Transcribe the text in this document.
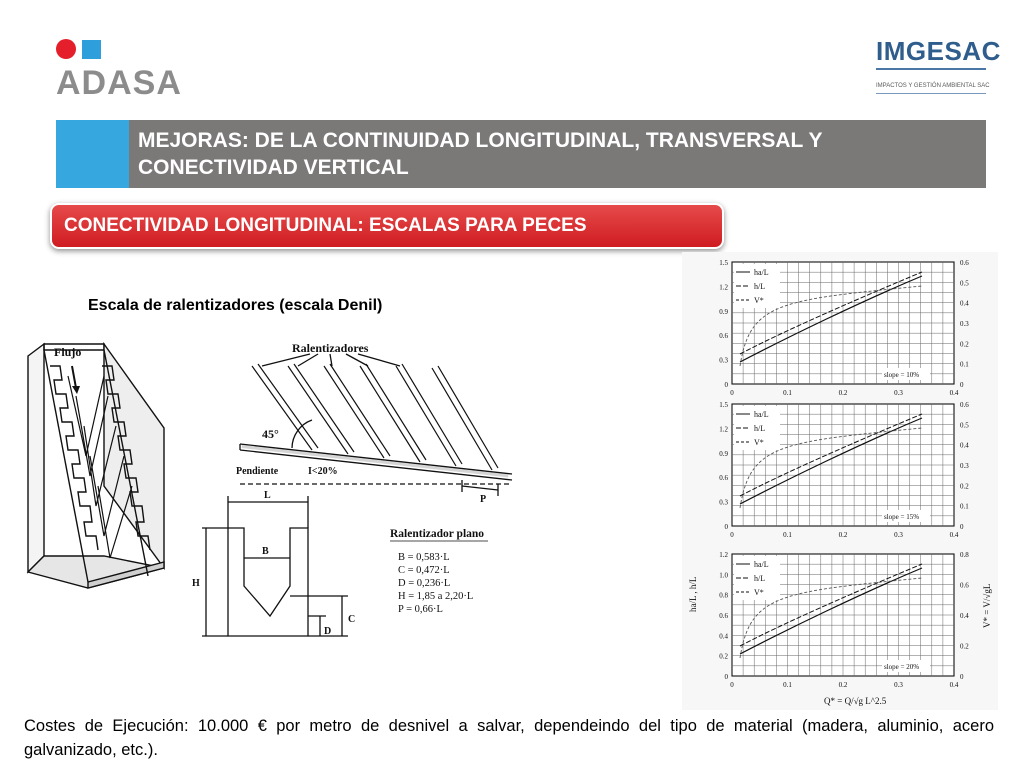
ADASA
IMGESAC
IMPACTOS Y GESTIÓN AMBIENTAL SAC
MEJORAS: DE LA CONTINUIDAD LONGITUDINAL, TRANSVERSAL Y CONECTIVIDAD VERTICAL
CONECTIVIDAD LONGITUDINAL: ESCALAS PARA PECES
Escala de ralentizadores (escala Denil)
Flujo	Ralentizadores
45°
Pendiente	I<20%
P
L
B
H
C
D
Ralentizador plano
B = 0,583·L
C = 0,472·L
D = 0,236·L
H = 1,85 a 2,20·L
P = 0,66·L
1.5
1.2
0.9
0.6
0.3
0
0.6
0.5
0.4
0.3
0.2
0.1
0
0	0.1	0.2	0.3	0.4
ha/L
h/L
V*
slope = 10%
1.5
1.2
0.9
0.6
0.3
0
0.6
0.5
0.4
0.3
0.2
0.1
0
0	0.1	0.2	0.3	0.4
ha/L
h/L
V*
slope = 15%
1.2
1.0
0.8
0.6
0.4
0.2
0
0.8
0.6
0.4
0.2
0
0	0.1	0.2	0.3	0.4
ha/L
h/L
V*
slope = 20%
ha/L , h/L	V* = V/√gL
Q* = Q/√g L^2.5
Costes de Ejecución: 10.000 € por metro de desnivel a salvar, dependeindo del tipo de material (madera, aluminio, acero galvanizado, etc.).
